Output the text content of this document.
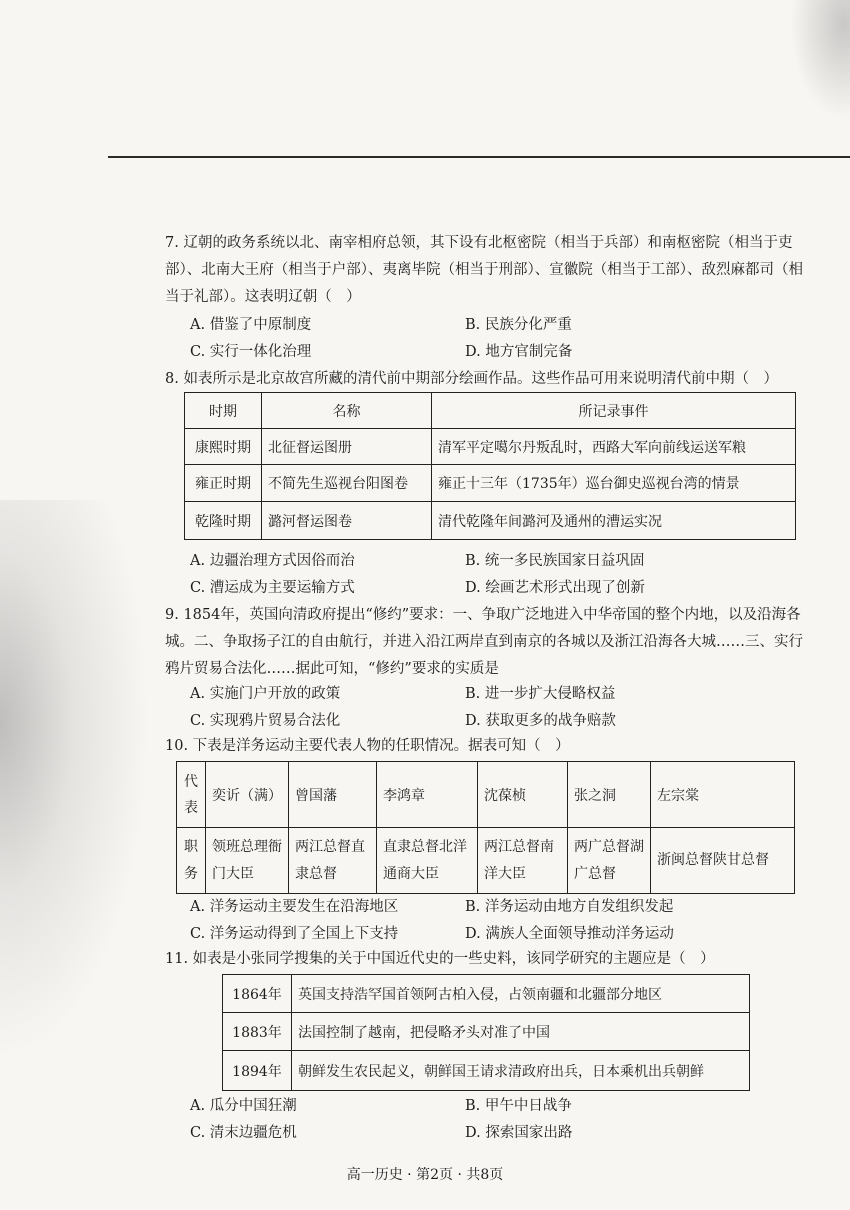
7. 辽朝的政务系统以北、南宰相府总领，其下设有北枢密院（相当于兵部）和南枢密院（相当于吏部）、北南大王府（相当于户部）、夷离毕院（相当于刑部）、宣徽院（相当于工部）、敌烈麻都司（相当于礼部）。这表明辽朝（　）
A. 借鉴了中原制度	B. 民族分化严重
C. 实行一体化治理	D. 地方官制完备
8. 如表所示是北京故宫所藏的清代前中期部分绘画作品。这些作品可用来说明清代前中期（　）
时期	名称	所记录事件
康熙时期	北征督运图册	清军平定噶尔丹叛乱时，西路大军向前线运送军粮
雍正时期	不简先生巡视台阳图卷	雍正十三年（1735年）巡台御史巡视台湾的情景
乾隆时期	潞河督运图卷	清代乾隆年间潞河及通州的漕运实况
A. 边疆治理方式因俗而治	B. 统一多民族国家日益巩固
C. 漕运成为主要运输方式	D. 绘画艺术形式出现了创新
9. 1854年，英国向清政府提出“修约”要求：一、争取广泛地进入中华帝国的整个内地，以及沿海各城。二、争取扬子江的自由航行，并进入沿江两岸直到南京的各城以及浙江沿海各大城……三、实行鸦片贸易合法化……据此可知，“修约”要求的实质是
A. 实施门户开放的政策	B. 进一步扩大侵略权益
C. 实现鸦片贸易合法化	D. 获取更多的战争赔款
10. 下表是洋务运动主要代表人物的任职情况。据表可知（　）
代表	奕䜣（满）	曾国藩	李鸿章	沈葆桢	张之洞	左宗棠
职务	领班总理衙门大臣	两江总督直隶总督	直隶总督北洋通商大臣	两江总督南洋大臣	两广总督湖广总督	浙闽总督陕甘总督
A. 洋务运动主要发生在沿海地区	B. 洋务运动由地方自发组织发起
C. 洋务运动得到了全国上下支持	D. 满族人全面领导推动洋务运动
11. 如表是小张同学搜集的关于中国近代史的一些史料，该同学研究的主题应是（　）
1864年	英国支持浩罕国首领阿古柏入侵，占领南疆和北疆部分地区
1883年	法国控制了越南，把侵略矛头对准了中国
1894年	朝鲜发生农民起义，朝鲜国王请求清政府出兵，日本乘机出兵朝鲜
A. 瓜分中国狂潮	B. 甲午中日战争
C. 清末边疆危机	D. 探索国家出路
高一历史 · 第2页 · 共8页
